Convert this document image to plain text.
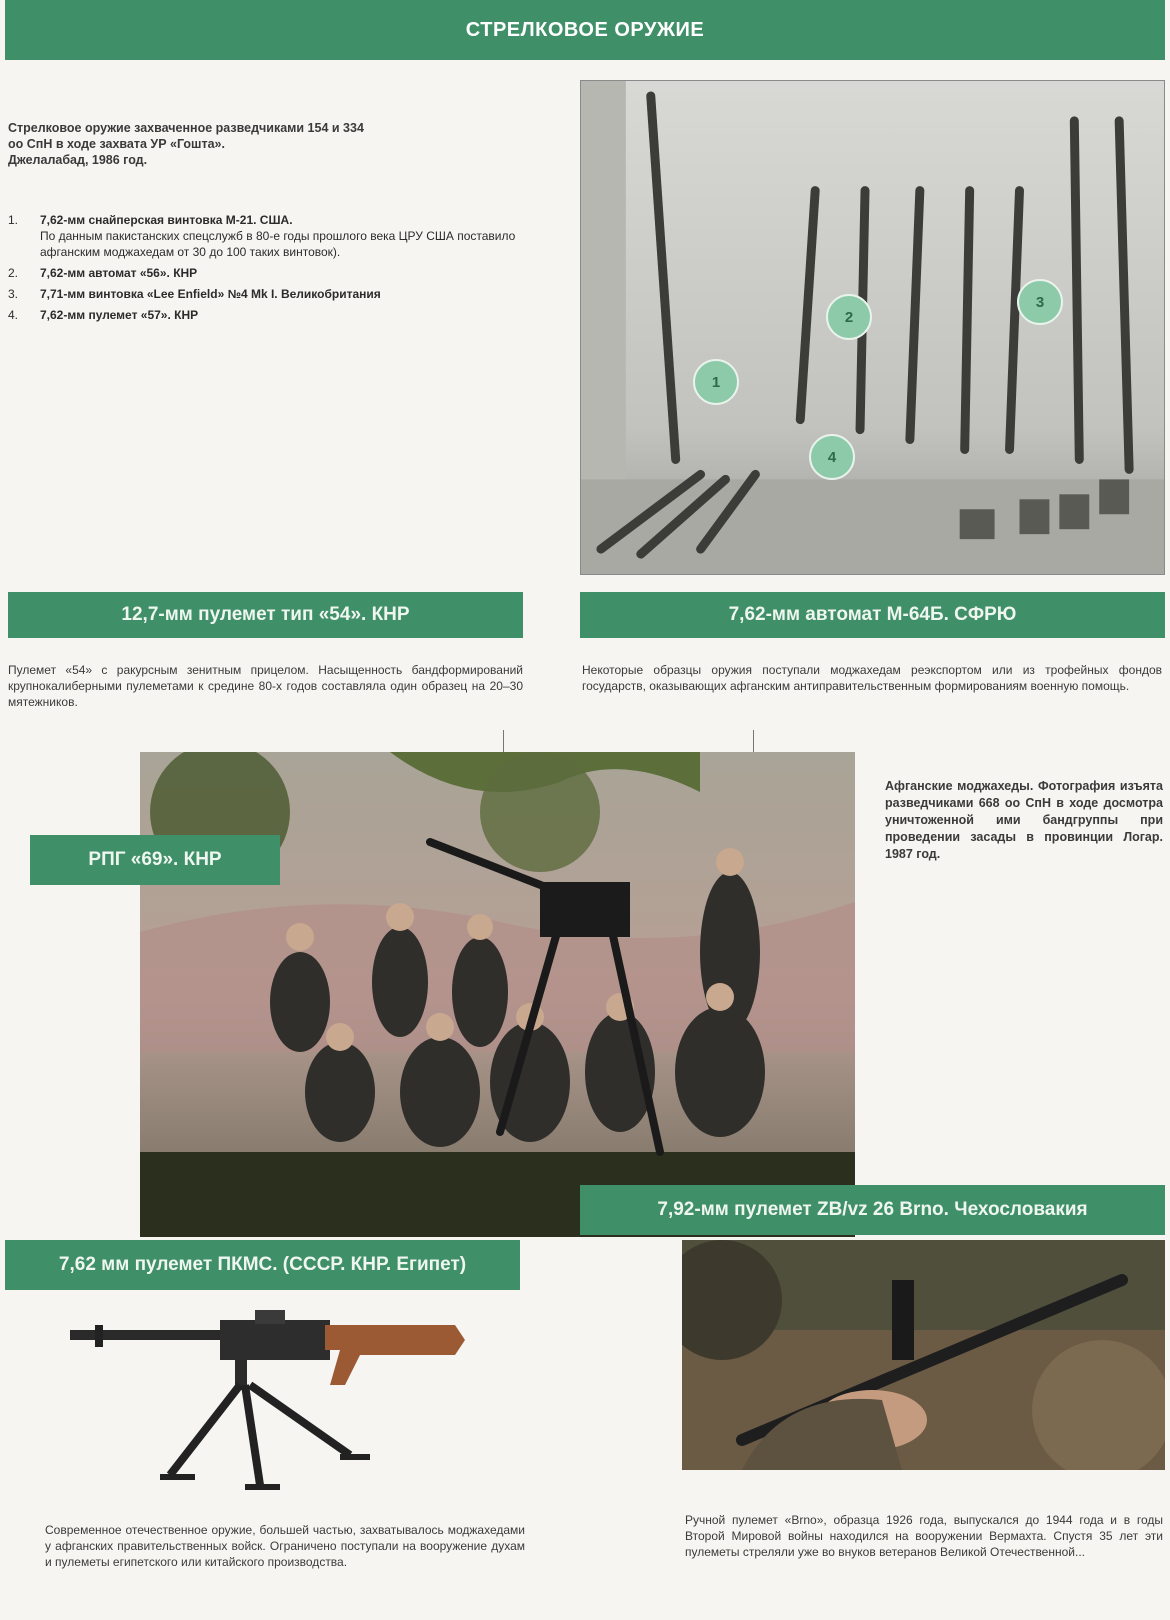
СТРЕЛКОВОЕ ОРУЖИЕ
Стрелковое оружие захваченное разведчиками 154 и 334
оо СпН в ходе захвата УР «Гошта».
Джелалабад, 1986 год.
1. 7,62-мм снайперская винтовка М-21. США.
По данным пакистанских спецслужб в 80-е годы прошлого века ЦРУ США поставило афганским моджахедам от 30 до 100 таких винтовок).
2. 7,62-мм автомат «56». КНР
3. 7,71-мм винтовка «Lee Enfield» №4 Mk I. Великобритания
4. 7,62-мм пулемет «57». КНР
1
2
3
4
12,7-мм пулемет тип «54». КНР	7,62-мм автомат М-64Б. СФРЮ
Пулемет «54» с ракурсным зенитным прицелом. Насыщенность бандформирований крупнокалиберными пулеметами к средине 80-х годов составляла один образец на 20–30 мятежников.
Некоторые образцы оружия поступали моджахедам реэкспортом или из трофейных фондов государств, оказывающих афганским антиправительственным формированиям военную помощь.
РПГ «69». КНР
Афганские моджахеды. Фотография изъята разведчиками 668 оо СпН в ходе досмотра уничтоженной ими бандгруппы при проведении засады в провинции Логар. 1987 год.
7,92-мм пулемет ZB/vz 26 Brno. Чехословакия
7,62 мм пулемет ПКМС. (СССР. КНР. Египет)
Современное отечественное оружие, большей частью, захватывалось моджахедами у афганских правительственных войск. Ограничено поступали на вооружение духам и пулеметы египетского или китайского производства.
Ручной пулемет «Brno», образца 1926 года, выпускался до 1944 года и в годы Второй Мировой войны находился на вооружении Вермахта. Спустя 35 лет эти пулеметы стреляли уже во внуков ветеранов Великой Отечественной...
